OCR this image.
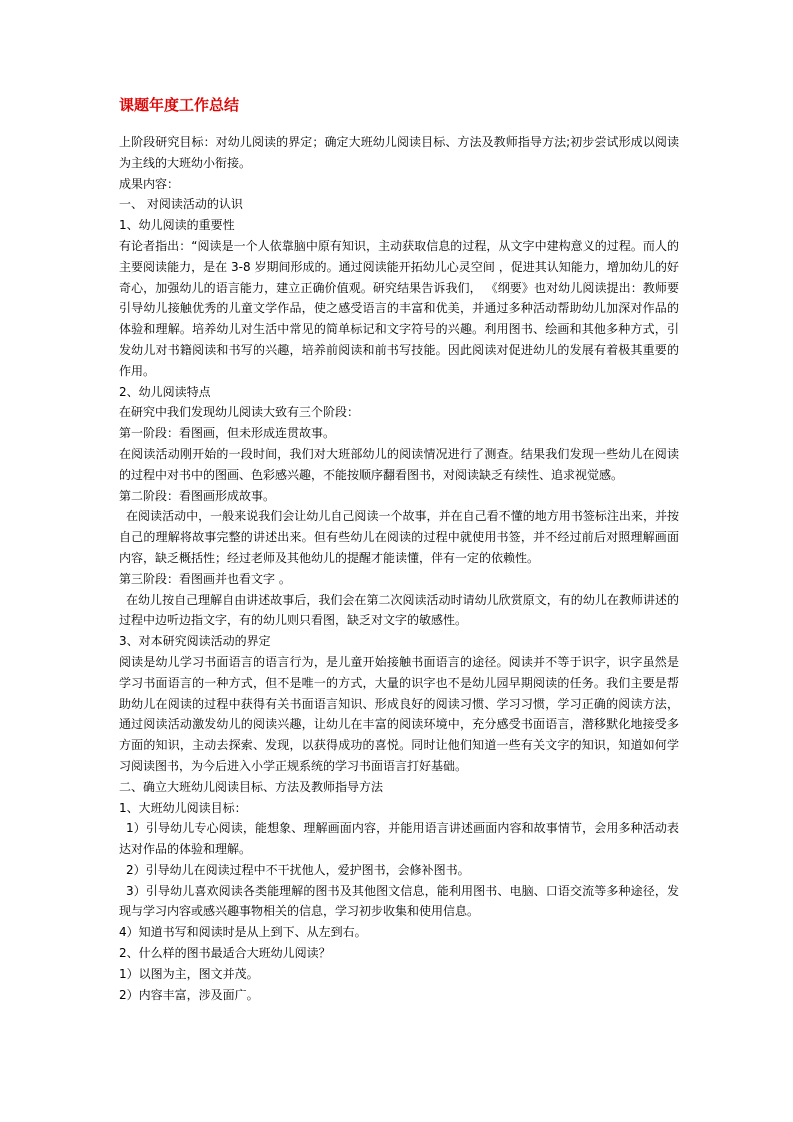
课题年度工作总结

上阶段研究目标：对幼儿阅读的界定；确定大班幼儿阅读目标、方法及教师指导方法;初步尝试形成以阅读为主线的大班幼小衔接。

成果内容：

一、 对阅读活动的认识

1、幼儿阅读的重要性

有论者指出：“阅读是一个人依靠脑中原有知识，主动获取信息的过程，从文字中建构意义的过程。而人的主要阅读能力，是在 3-8 岁期间形成的。通过阅读能开拓幼儿心灵空间 ，促进其认知能力，增加幼儿的好奇心，加强幼儿的语言能力，建立正确价值观。研究结果告诉我们， 《纲要》也对幼儿阅读提出：教师要引导幼儿接触优秀的儿童文学作品，使之感受语言的丰富和优美，并通过多种活动帮助幼儿加深对作品的体验和理解。培养幼儿对生活中常见的简单标记和文字符号的兴趣。利用图书、绘画和其他多种方式，引发幼儿对书籍阅读和书写的兴趣，培养前阅读和前书写技能。因此阅读对促进幼儿的发展有着极其重要的作用。

2、幼儿阅读特点

在研究中我们发现幼儿阅读大致有三个阶段：

第一阶段：看图画，但未形成连贯故事。

在阅读活动刚开始的一段时间，我们对大班部幼儿的阅读情况进行了测查。结果我们发现一些幼儿在阅读的过程中对书中的图画、色彩感兴趣，不能按顺序翻看图书，对阅读缺乏有续性、追求视觉感。

第二阶段：看图画形成故事。

在阅读活动中，一般来说我们会让幼儿自己阅读一个故事，并在自己看不懂的地方用书签标注出来，并按自己的理解将故事完整的讲述出来。但有些幼儿在阅读的过程中就使用书签，并不经过前后对照理解画面内容，缺乏概括性；经过老师及其他幼儿的提醒才能读懂，伴有一定的依赖性。

第三阶段：看图画并也看文字 。

在幼儿按自己理解自由讲述故事后，我们会在第二次阅读活动时请幼儿欣赏原文，有的幼儿在教师讲述的过程中边听边指文字，有的幼儿则只看图，缺乏对文字的敏感性。

3、对本研究阅读活动的界定

阅读是幼儿学习书面语言的语言行为，是儿童开始接触书面语言的途径。阅读并不等于识字，识字虽然是学习书面语言的一种方式，但不是唯一的方式，大量的识字也不是幼儿园早期阅读的任务。我们主要是帮助幼儿在阅读的过程中获得有关书面语言知识、形成良好的阅读习惯、学习习惯，学习正确的阅读方法，通过阅读活动激发幼儿的阅读兴趣，让幼儿在丰富的阅读环境中，充分感受书面语言，潜移默化地接受多方面的知识，主动去探索、发现，以获得成功的喜悦。同时让他们知道一些有关文字的知识，知道如何学习阅读图书，为今后进入小学正规系统的学习书面语言打好基础。

二、确立大班幼儿阅读目标、方法及教师指导方法

1、大班幼儿阅读目标：

1）引导幼儿专心阅读，能想象、理解画面内容，并能用语言讲述画面内容和故事情节，会用多种活动表达对作品的体验和理解。

2）引导幼儿在阅读过程中不干扰他人，爱护图书，会修补图书。

3）引导幼儿喜欢阅读各类能理解的图书及其他图文信息，能利用图书、电脑、口语交流等多种途径，发现与学习内容或感兴趣事物相关的信息，学习初步收集和使用信息。

4）知道书写和阅读时是从上到下、从左到右。

2、什么样的图书最适合大班幼儿阅读？

1）以图为主，图文并茂。

2）内容丰富，涉及面广。
